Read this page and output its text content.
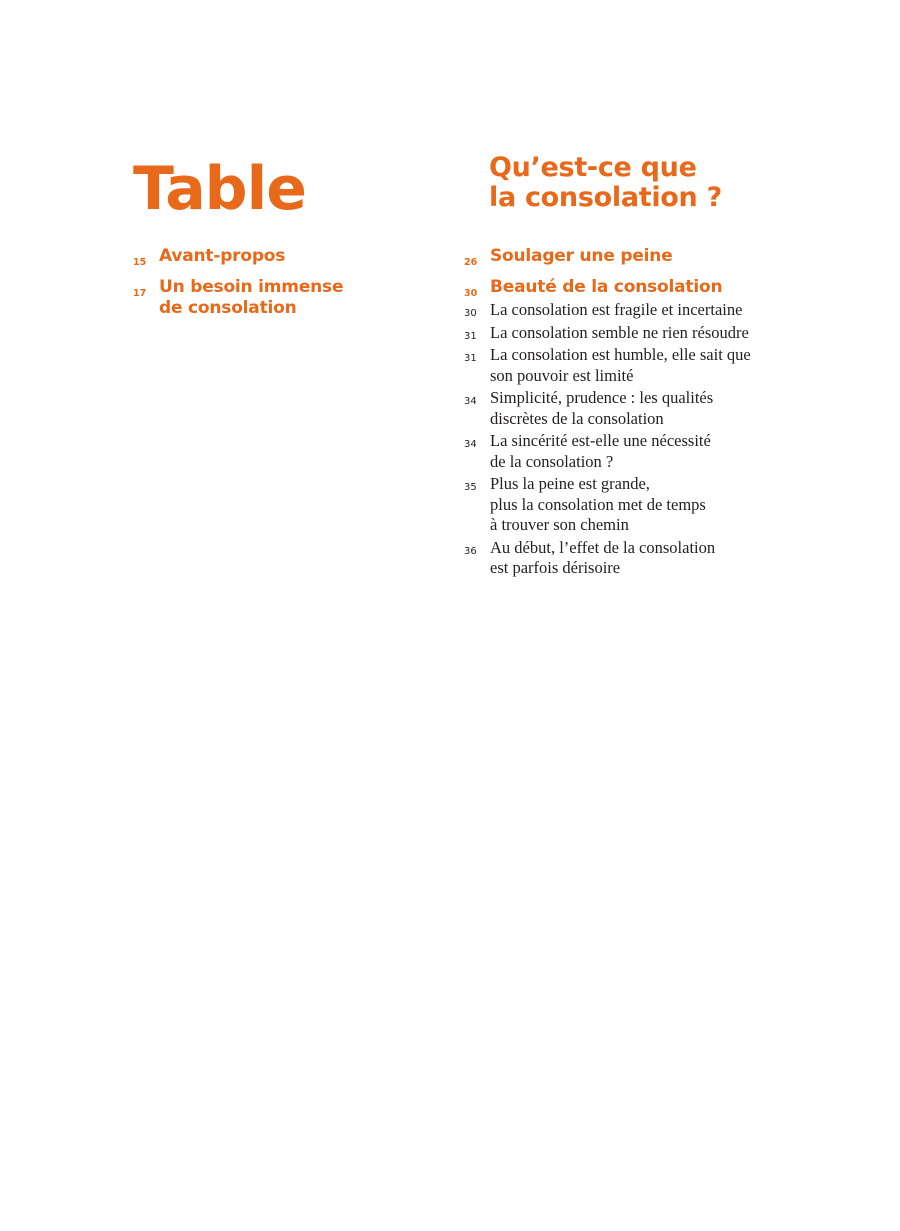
Table
15 Avant-propos
17 Un besoin immense
de consolation
Qu’est-ce que
la consolation ?
26 Soulager une peine
30 Beauté de la consolation
30 La consolation est fragile et incertaine
31 La consolation semble ne rien résoudre
31 La consolation est humble, elle sait que
son pouvoir est limité
34 Simplicité, prudence : les qualités
discrètes de la consolation
34 La sincérité est-elle une nécessité
de la consolation ?
35 Plus la peine est grande,
plus la consolation met de temps
à trouver son chemin
36 Au début, l’effet de la consolation
est parfois dérisoire
